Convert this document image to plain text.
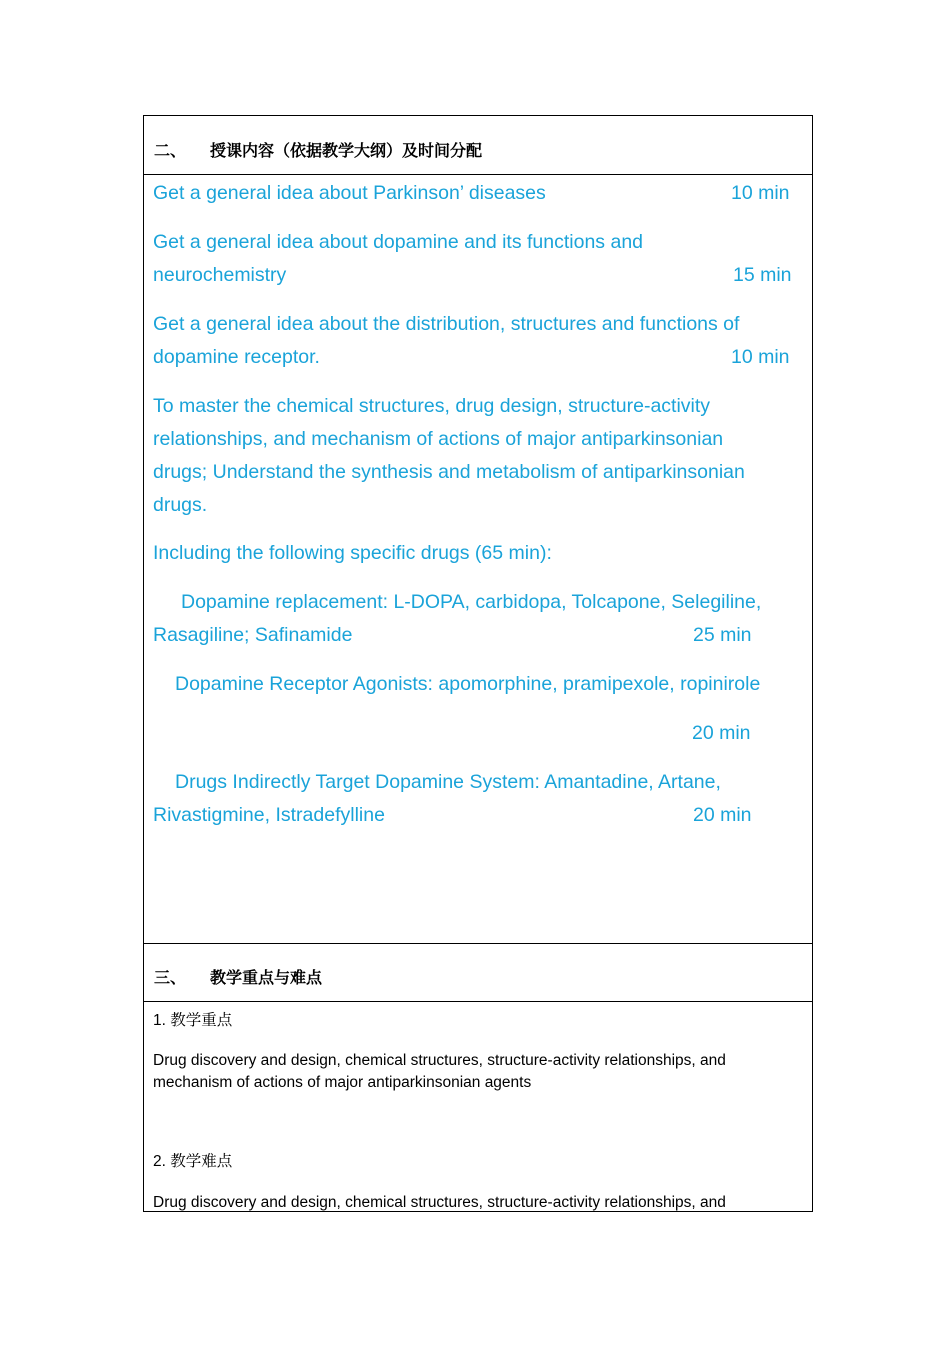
二、 授课内容（依据教学大纲）及时间分配
Get a general idea about Parkinson’ diseases	10 min
Get a general idea about dopamine and its functions and
neurochemistry	15 min
Get a general idea about the distribution, structures and functions of
dopamine receptor.	10 min
To master the chemical structures, drug design, structure-activity
relationships, and mechanism of actions of major antiparkinsonian
drugs; Understand the synthesis and metabolism of antiparkinsonian
drugs.
Including the following specific drugs (65 min):
Dopamine replacement: L-DOPA, carbidopa, Tolcapone, Selegiline,
Rasagiline; Safinamide	25 min
Dopamine Receptor Agonists: apomorphine, pramipexole, ropinirole
20 min
Drugs Indirectly Target Dopamine System: Amantadine, Artane,
Rivastigmine, Istradefylline	20 min
三、 教学重点与难点
1. 教学重点
Drug discovery and design, chemical structures, structure-activity relationships, and
mechanism of actions of major antiparkinsonian agents
2. 教学难点
Drug discovery and design, chemical structures, structure-activity relationships, and
